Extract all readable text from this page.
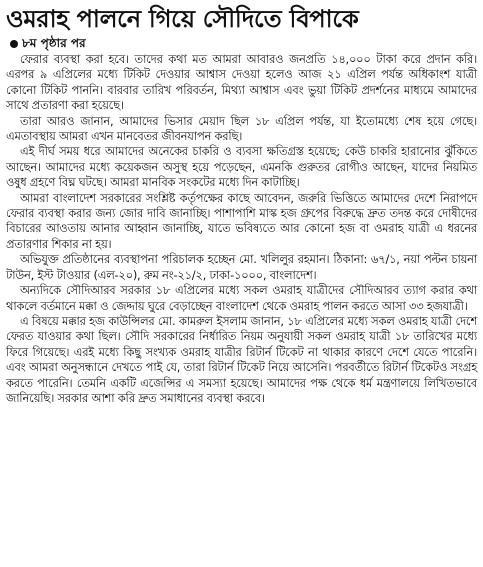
ওমরাহ পালনে গিয়ে সৌদিতে বিপাকে
৮ম পৃষ্ঠার পর

ফেরার ব্যবস্থা করা হবে। তাদের কথা মত আমরা আবারও জনপ্রতি ১৪,০০০ টাকা করে প্রদান করি। এরপর ৯ এপ্রিলের মধ্যে টিকিট দেওয়ার আশ্বাস দেওয়া হলেও আজ ২১ এপ্রিল পর্যন্ত অধিকাংশ যাত্রী কোনো টিকিট পাননি। বারবার তারিখ পরিবর্তন, মিথ্যা আশ্বাস এবং ভুয়া টিকিট প্রদর্শনের মাধ্যমে আমাদের সাথে প্রতারণা করা হয়েছে।

তারা আরও জানান, আমাদের ভিসার মেয়াদ ছিল ১৮ এপ্রিল পর্যন্ত, যা ইতোমধ্যে শেষ হয়ে গেছে। এমতাবস্থায় আমরা এখন মানবেতর জীবনযাপন করছি।

এই দীর্ঘ সময় ধরে আমাদের অনেকের চাকরি ও ব্যবসা ক্ষতিগ্রস্ত হয়েছে; কেউ চাকরি হারানোর ঝুঁকিতে আছেন। আমাদের মধ্যে কয়েকজন অসুস্থ হয়ে পড়েছেন, এমনকি গুরুতর রোগীও আছেন, যাদের নিয়মিত ওষুধ গ্রহণে বিঘ্ন ঘটছে। আমরা মানবিক সংকটের মধ্যে দিন কাটাচ্ছি।

আমরা বাংলাদেশ সরকারের সংশ্লিষ্ট কর্তৃপক্ষের কাছে আবেদন, জরুরি ভিত্তিতে আমাদের দেশে নিরাপদে ফেরার ব্যবস্থা করার জন্য জোর দাবি জানাচ্ছি। পাশাপাশি মাস্ক হজ গ্রুপের বিরুদ্ধে দ্রুত তদন্ত করে দোষীদের বিচারের আওতায় আনার আহ্বান জানাচ্ছি, যাতে ভবিষ্যতে আর কোনো হজ বা ওমরাহ যাত্রী এ ধরনের প্রতারণার শিকার না হয়।

অভিযুক্ত প্রতিষ্ঠানের ব্যবস্থাপনা পরিচালক হচ্ছেন মো. খলিলুর রহমান। ঠিকানা: ৬৭/১, নয়া পল্টন চায়না টাউন, ইস্ট টাওয়ার (এল-২০), রুম নং-২১/২, ঢাকা-১০০০, বাংলাদেশ।

অন্যদিকে সৌদিআরব সরকার ১৮ এপ্রিলের মধ্যে সকল ওমরাহ যাত্রীদের সৌদিআরব ত্যাগ করার কথা থাকলে বর্তমানে মক্কা ও জেদ্দায় ঘুরে বেড়াচ্ছেন বাংলাদেশ থেকে ওমরাহ পালন করতে আসা ৩৩ হজযাত্রী।

এ বিষয়ে মক্কার হজ কাউন্সিলর মো. কামরুল ইসলাম জানান, ১৮ এপ্রিলের মধ্যে সকল ওমরাহ যাত্রী দেশে ফেরত যাওয়ার কথা ছিল। সৌদি সরকারের নির্ধারিত নিয়ম অনুযায়ী সকল ওমরাহ যাত্রী ১৮ তারিখের মধ্যে ফিরে গিয়েছে। এরই মধ্যে কিছু সংখ্যক ওমরাহ যাত্রীর রিটার্ন টিকেট না থাকার কারণে দেশে যেতে পারেনি। এবং আমরা অনুসন্ধানে দেখতে পাই যে, তারা রিটার্ন টিকেট নিয়ে আসেনি। পরবর্তীতে রিটার্ন টিকেটও সংগ্রহ করতে পারেনি। তেমনি একটি এজেন্সির এ সমস্যা হয়েছে। আমাদের পক্ষ থেকে ধর্ম মন্ত্রণালয়ে লিখিতভাবে জানিয়েছি। সরকার আশা করি দ্রুত সমাধানের ব্যবস্থা করবে।
